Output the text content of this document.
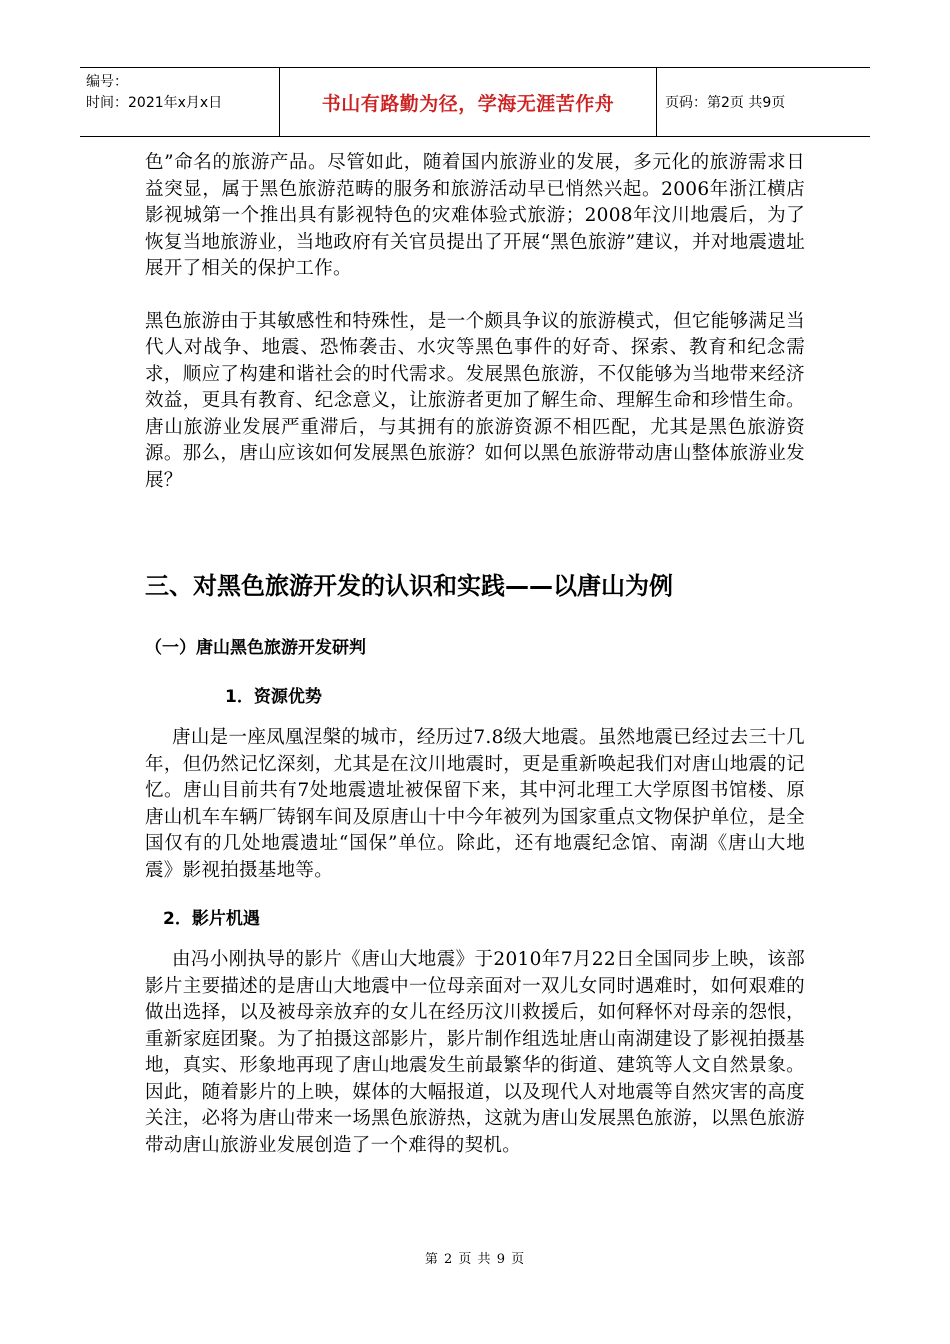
编号：
时间：2021年x月x日	书山有路勤为径，学海无涯苦作舟	页码：第2页 共9页

色”命名的旅游产品。尽管如此，随着国内旅游业的发展，多元化的旅游需求日益突显，属于黑色旅游范畴的服务和旅游活动早已悄然兴起。2006年浙江横店影视城第一个推出具有影视特色的灾难体验式旅游；2008年汶川地震后，为了恢复当地旅游业，当地政府有关官员提出了开展“黑色旅游”建议，并对地震遗址展开了相关的保护工作。

黑色旅游由于其敏感性和特殊性，是一个颇具争议的旅游模式，但它能够满足当代人对战争、地震、恐怖袭击、水灾等黑色事件的好奇、探索、教育和纪念需求，顺应了构建和谐社会的时代需求。发展黑色旅游，不仅能够为当地带来经济效益，更具有教育、纪念意义，让旅游者更加了解生命、理解生命和珍惜生命。唐山旅游业发展严重滞后，与其拥有的旅游资源不相匹配，尤其是黑色旅游资源。那么，唐山应该如何发展黑色旅游？如何以黑色旅游带动唐山整体旅游业发展？

三、对黑色旅游开发的认识和实践——以唐山为例

（一）唐山黑色旅游开发研判

1．资源优势

唐山是一座凤凰涅槃的城市，经历过7.8级大地震。虽然地震已经过去三十几年，但仍然记忆深刻，尤其是在汶川地震时，更是重新唤起我们对唐山地震的记忆。唐山目前共有7处地震遗址被保留下来，其中河北理工大学原图书馆楼、原唐山机车车辆厂铸钢车间及原唐山十中今年被列为国家重点文物保护单位，是全国仅有的几处地震遗址“国保”单位。除此，还有地震纪念馆、南湖《唐山大地震》影视拍摄基地等。

2．影片机遇

由冯小刚执导的影片《唐山大地震》于2010年7月22日全国同步上映，该部影片主要描述的是唐山大地震中一位母亲面对一双儿女同时遇难时，如何艰难的做出选择，以及被母亲放弃的女儿在经历汶川救援后，如何释怀对母亲的怨恨，重新家庭团聚。为了拍摄这部影片，影片制作组选址唐山南湖建设了影视拍摄基地，真实、形象地再现了唐山地震发生前最繁华的街道、建筑等人文自然景象。因此，随着影片的上映，媒体的大幅报道，以及现代人对地震等自然灾害的高度关注，必将为唐山带来一场黑色旅游热，这就为唐山发展黑色旅游，以黑色旅游带动唐山旅游业发展创造了一个难得的契机。

第 2 页 共 9 页
